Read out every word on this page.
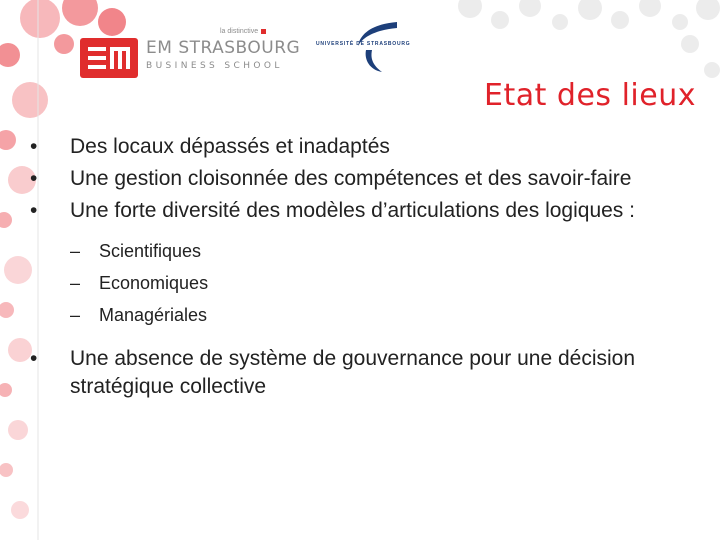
la distinctive
EM STRASBOURG
BUSINESS SCHOOL
UNIVERSITÉ DE STRASBOURG
Etat des lieux
•	Des locaux dépassés et inadaptés
•	Une gestion cloisonnée des compétences et des savoir-faire
•	Une forte diversité des modèles d’articulations des logiques :
– Scientifiques
– Economiques
– Managériales
•	Une absence de système de gouvernance pour une décision stratégique collective
